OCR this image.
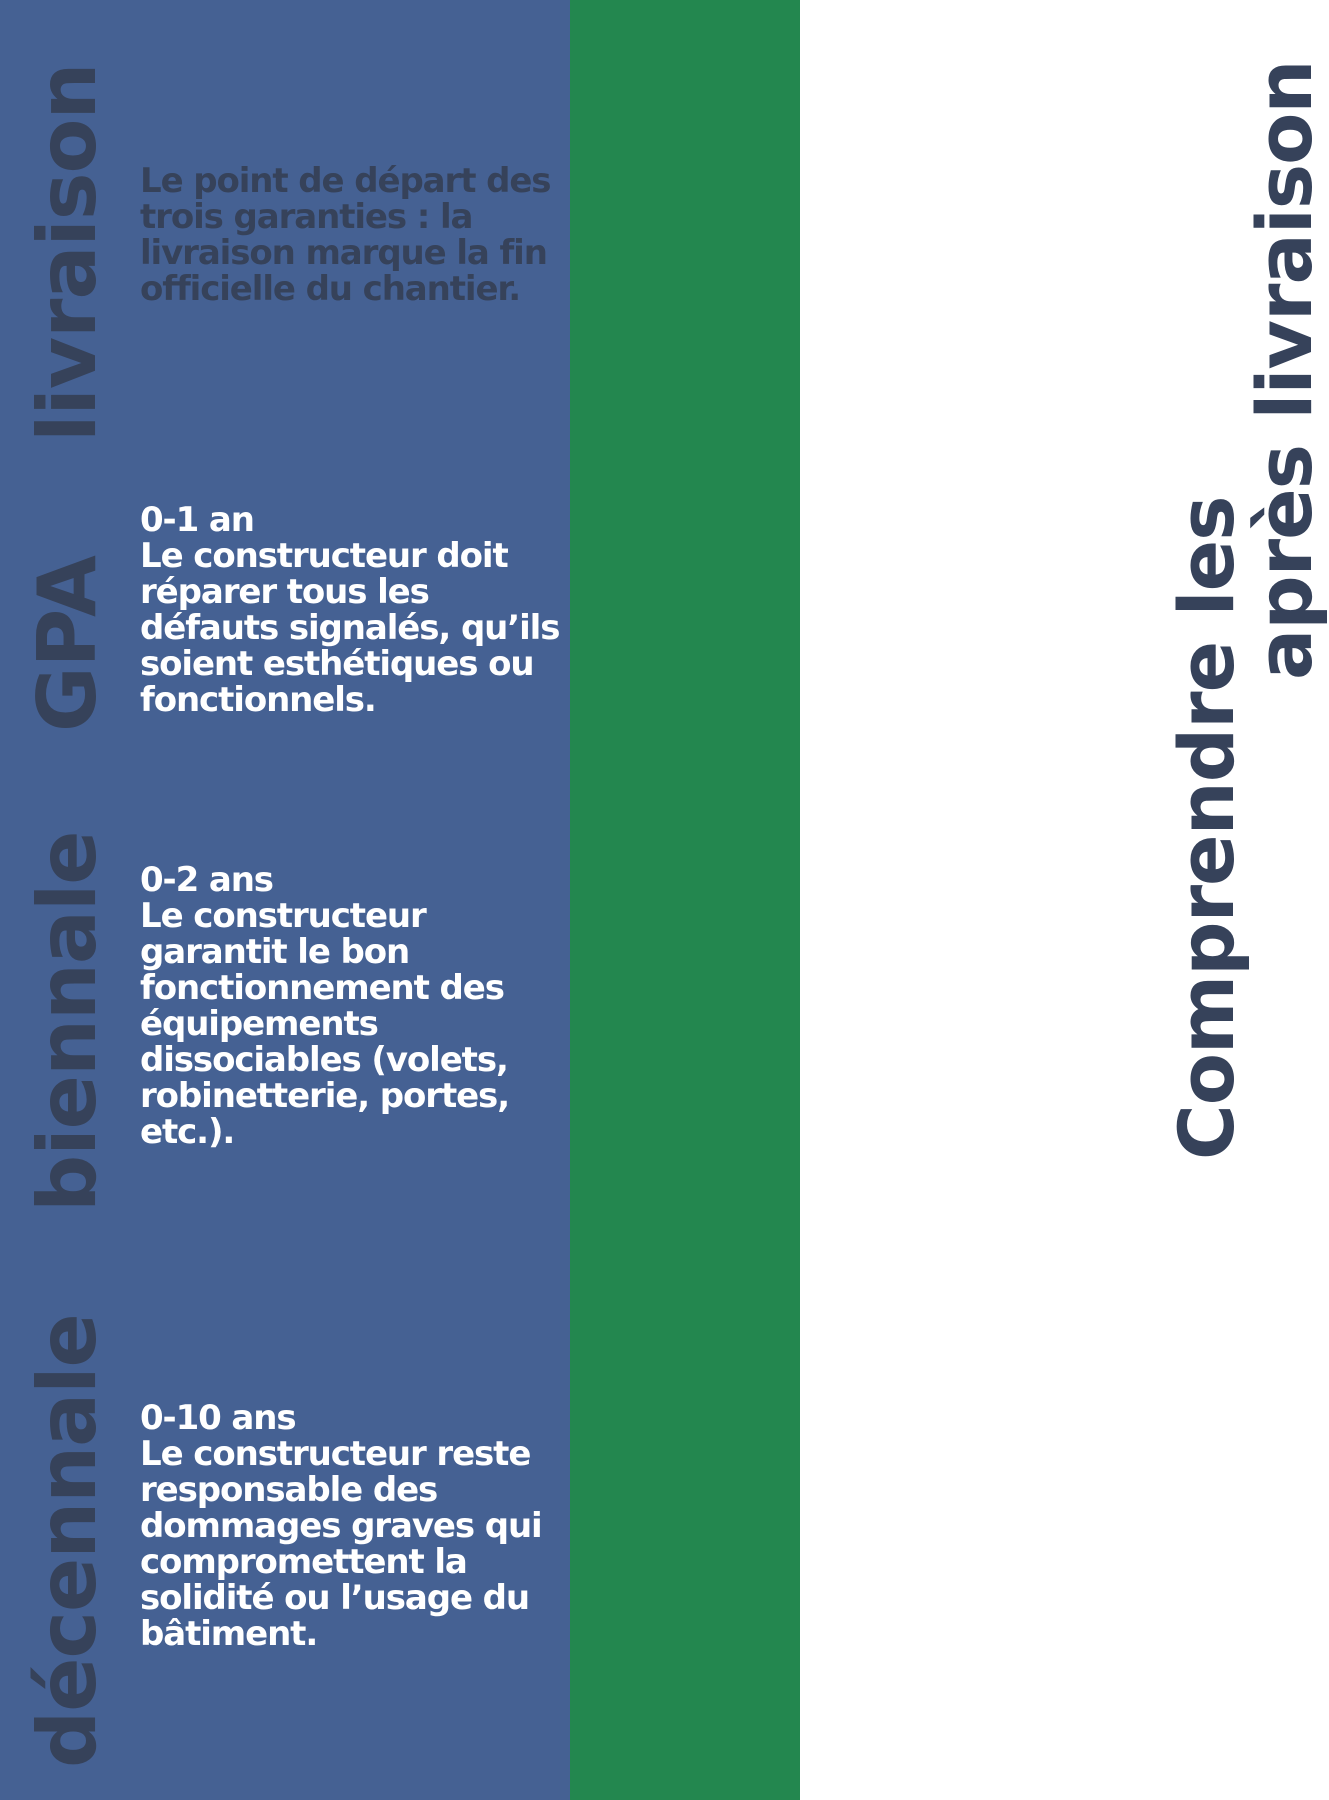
livraison Le point de départ des trois garanties : la livraison marque la fin officielle du chantier.

GPA

0-1 an
Le constructeur doit réparer tous les défauts signalés, qu’ils soient esthétiques ou fonctionnels.

biennale 0-2 ans
Le constructeur garantit le bon fonctionnement des équipements dissociables (volets, robinetterie, portes, etc.).

décennale 0-10 ans
Le constructeur reste responsable des dommages graves qui compromettent la solidité ou l’usage du bâtiment.

Comprendre les garanties
après livraison
LeanCo
